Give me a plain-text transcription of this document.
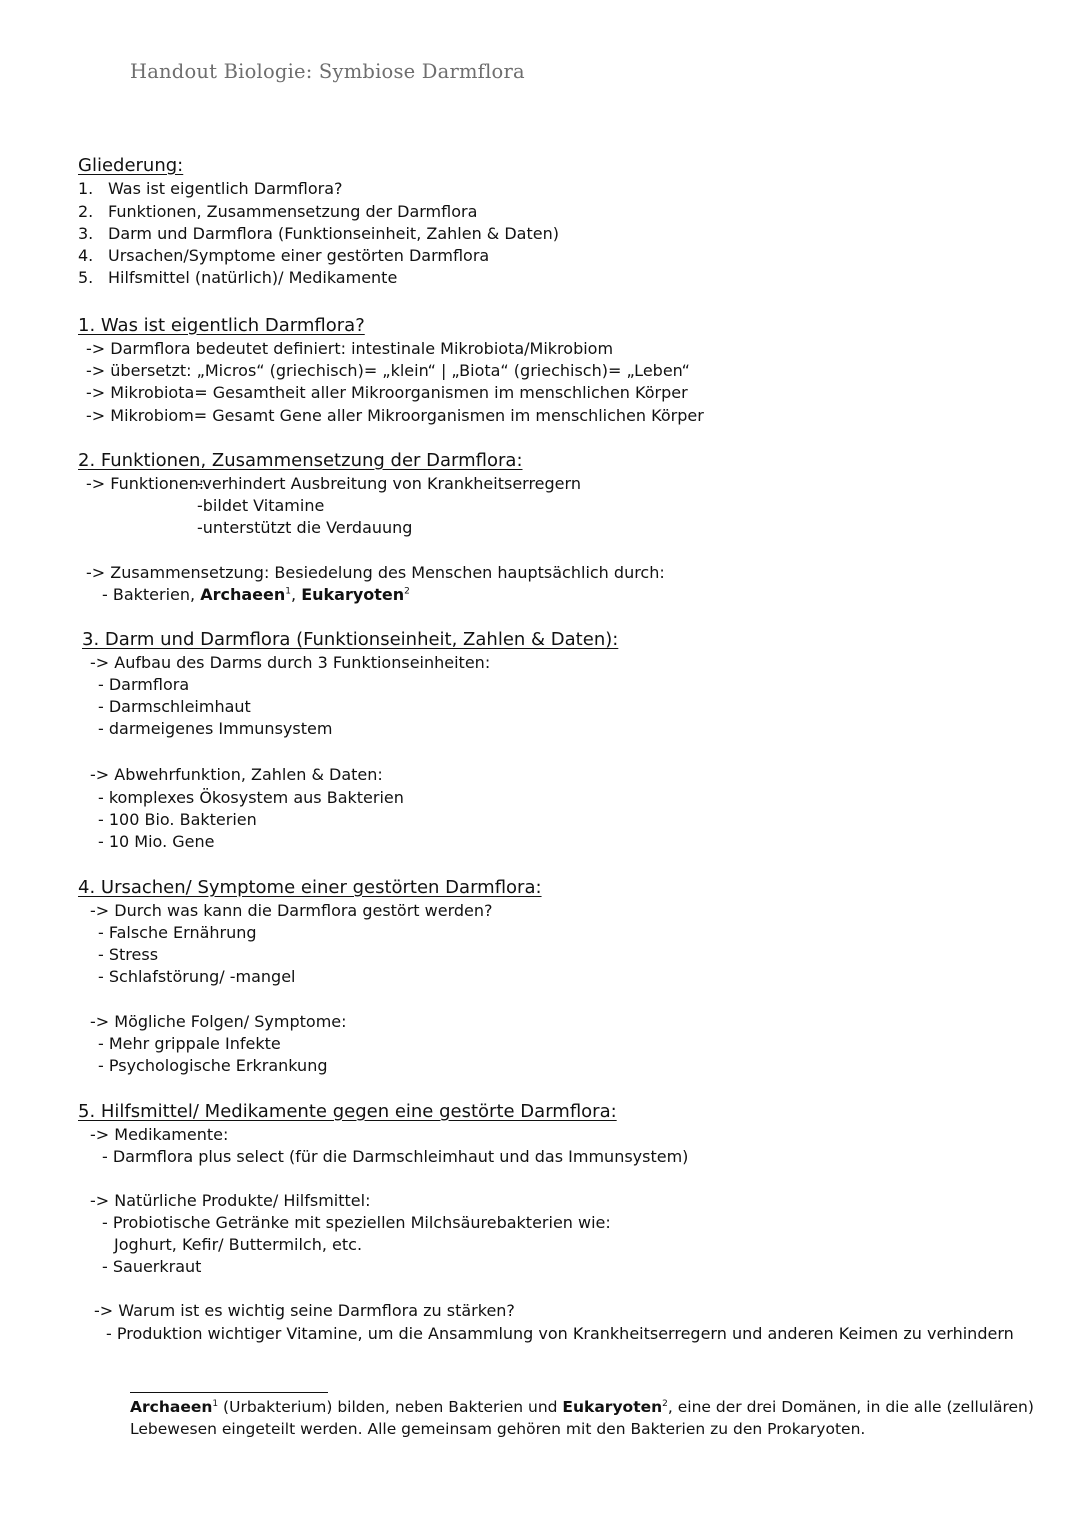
Handout Biologie: Symbiose Darmflora
Gliederung:
1. Was ist eigentlich Darmflora?
2. Funktionen, Zusammensetzung der Darmflora
3. Darm und Darmflora (Funktionseinheit, Zahlen & Daten)
4. Ursachen/Symptome einer gestörten Darmflora
5. Hilfsmittel (natürlich)/ Medikamente
1. Was ist eigentlich Darmflora?
-> Darmflora bedeutet definiert: intestinale Mikrobiota/Mikrobiom
-> übersetzt: „Micros“ (griechisch)= „klein“ | „Biota“ (griechisch)= „Leben“
-> Mikrobiota= Gesamtheit aller Mikroorganismen im menschlichen Körper
-> Mikrobiom= Gesamt Gene aller Mikroorganismen im menschlichen Körper
2. Funktionen, Zusammensetzung der Darmflora:
-> Funktionen:
-verhindert Ausbreitung von Krankheitserregern
-bildet Vitamine
-unterstützt die Verdauung
-> Zusammensetzung: Besiedelung des Menschen hauptsächlich durch:
- Bakterien, Archaeen$^1$, Eukaryoten$^2$
3. Darm und Darmflora (Funktionseinheit, Zahlen & Daten):
-> Aufbau des Darms durch 3 Funktionseinheiten:
- Darmflora
- Darmschleimhaut
- darmeigenes Immunsystem
-> Abwehrfunktion, Zahlen & Daten:
- komplexes Ökosystem aus Bakterien
- 100 Bio. Bakterien
- 10 Mio. Gene
4. Ursachen/ Symptome einer gestörten Darmflora:
-> Durch was kann die Darmflora gestört werden?
- Falsche Ernährung
- Stress
- Schlafstörung/ -mangel
-> Mögliche Folgen/ Symptome:
- Mehr grippale Infekte
- Psychologische Erkrankung
5. Hilfsmittel/ Medikamente gegen eine gestörte Darmflora:
-> Medikamente:
- Darmflora plus select (für die Darmschleimhaut und das Immunsystem)
-> Natürliche Produkte/ Hilfsmittel:
- Probiotische Getränke mit speziellen Milchsäurebakterien wie:
Joghurt, Kefir/ Buttermilch, etc.
- Sauerkraut
-> Warum ist es wichtig seine Darmflora zu stärken?
- Produktion wichtiger Vitamine, um die Ansammlung von Krankheitserregern und anderen Keimen zu verhindern
Archaeen$^1$ (Urbakterium) bilden, neben Bakterien und Eukaryoten$^2$, eine der drei Domänen, in die alle (zellulären)
Lebewesen eingeteilt werden. Alle gemeinsam gehören mit den Bakterien zu den Prokaryoten.
